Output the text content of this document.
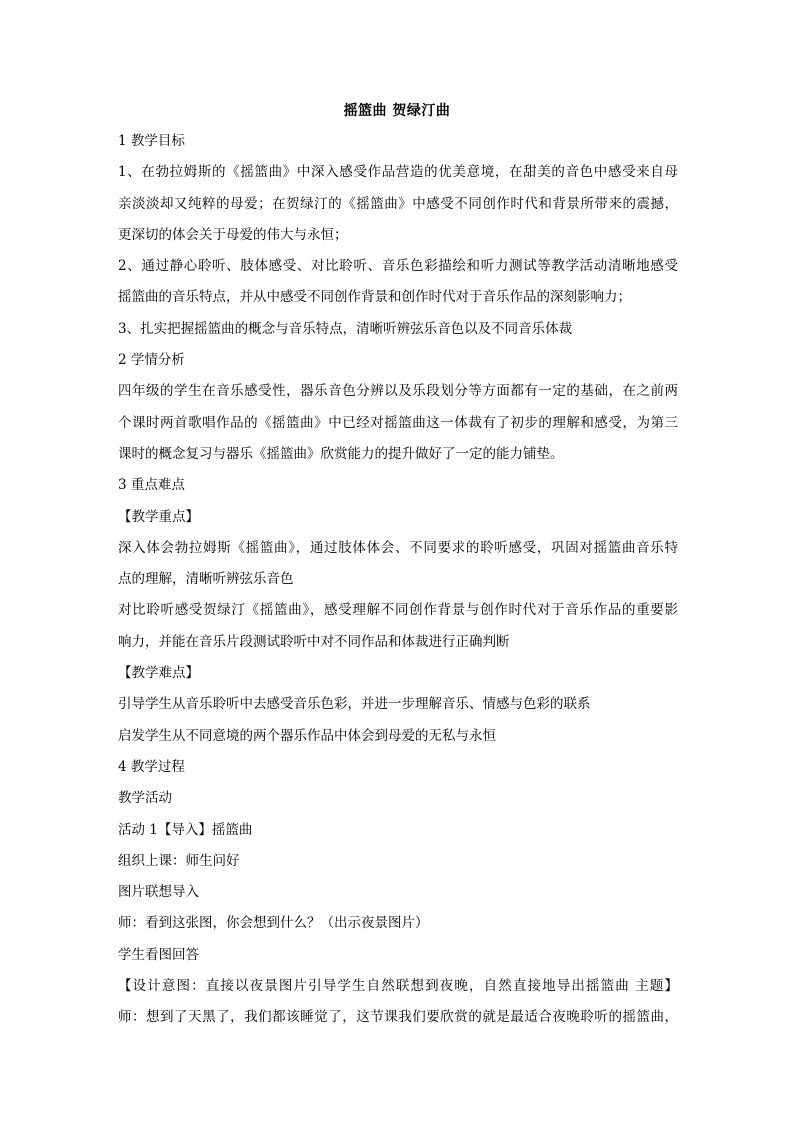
摇篮曲 贺绿汀曲
1 教学目标
1、在勃拉姆斯的《摇篮曲》中深入感受作品营造的优美意境，在甜美的音色中感受来自母
亲淡淡却又纯粹的母爱；在贺绿汀的《摇篮曲》中感受不同创作时代和背景所带来的震撼，
更深切的体会关于母爱的伟大与永恒；
2、通过静心聆听、肢体感受、对比聆听、音乐色彩描绘和听力测试等教学活动清晰地感受
摇篮曲的音乐特点，并从中感受不同创作背景和创作时代对于音乐作品的深刻影响力；
3、扎实把握摇篮曲的概念与音乐特点，清晰听辨弦乐音色以及不同音乐体裁
2 学情分析
四年级的学生在音乐感受性，器乐音色分辨以及乐段划分等方面都有一定的基础，在之前两
个课时两首歌唱作品的《摇篮曲》中已经对摇篮曲这一体裁有了初步的理解和感受，为第三
课时的概念复习与器乐《摇篮曲》欣赏能力的提升做好了一定的能力铺垫。
3 重点难点
【教学重点】
深入体会勃拉姆斯《摇篮曲》，通过肢体体会、不同要求的聆听感受，巩固对摇篮曲音乐特
点的理解，清晰听辨弦乐音色
对比聆听感受贺绿汀《摇篮曲》，感受理解不同创作背景与创作时代对于音乐作品的重要影
响力，并能在音乐片段测试聆听中对不同作品和体裁进行正确判断
【教学难点】
引导学生从音乐聆听中去感受音乐色彩，并进一步理解音乐、情感与色彩的联系
启发学生从不同意境的两个器乐作品中体会到母爱的无私与永恒
4 教学过程
教学活动
活动 1【导入】摇篮曲
组织上课：师生问好
图片联想导入
师：看到这张图，你会想到什么？（出示夜景图片）
学生看图回答
【设计意图：直接以夜景图片引导学生自然联想到夜晚，自然直接地导出摇篮曲 主题】
师：想到了天黑了，我们都该睡觉了，这节课我们要欣赏的就是最适合夜晚聆听的摇篮曲，
